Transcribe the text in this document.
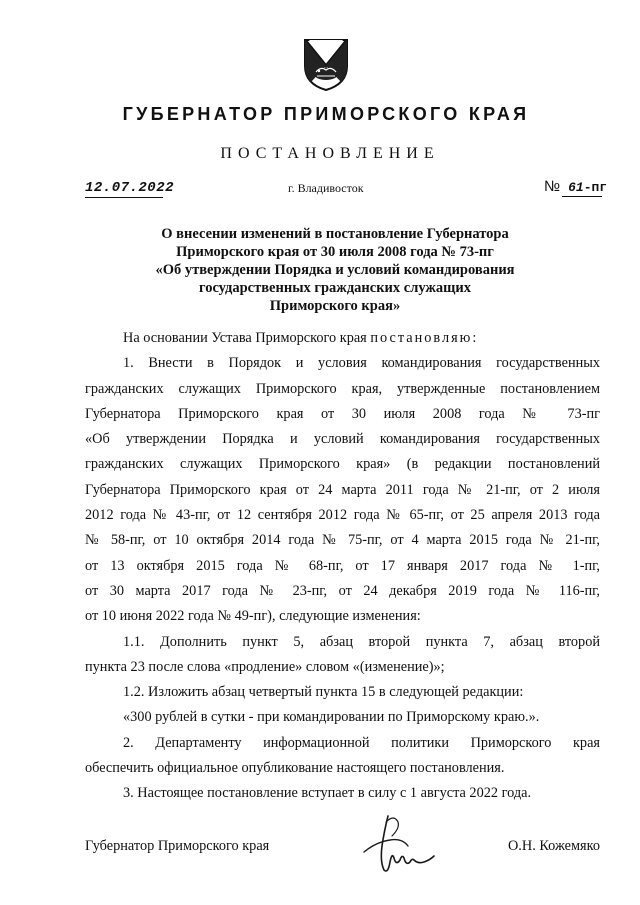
ГУБЕРНАТОР ПРИМОРСКОГО КРАЯ
ПОСТАНОВЛЕНИЕ
12.07.2022	г. Владивосток	№ 61-пг
О внесении изменений в постановление Губернатора
Приморского края от 30 июля 2008 года № 73-пг
«Об утверждении Порядка и условий командирования
государственных гражданских служащих
Приморского края»
На основании Устава Приморского края постановляю:
1. Внести в Порядок и условия командирования государственных
гражданских служащих Приморского края, утвержденные постановлением
Губернатора Приморского края от 30 июля 2008 года № 73-пг
«Об утверждении Порядка и условий командирования государственных
гражданских служащих Приморского края» (в редакции постановлений
Губернатора Приморского края от 24 марта 2011 года № 21-пг, от 2 июля
2012 года № 43-пг, от 12 сентября 2012 года № 65-пг, от 25 апреля 2013 года
№ 58-пг, от 10 октября 2014 года № 75-пг, от 4 марта 2015 года № 21-пг,
от 13 октября 2015 года № 68-пг, от 17 января 2017 года № 1-пг,
от 30 марта 2017 года № 23-пг, от 24 декабря 2019 года № 116-пг,
от 10 июня 2022 года № 49-пг), следующие изменения:
1.1. Дополнить пункт 5, абзац второй пункта 7, абзац второй
пункта 23 после слова «продление» словом «(изменение)»;
1.2. Изложить абзац четвертый пункта 15 в следующей редакции:
«300 рублей в сутки - при командировании по Приморскому краю.».
2. Департаменту информационной политики Приморского края
обеспечить официальное опубликование настоящего постановления.
3. Настоящее постановление вступает в силу с 1 августа 2022 года.
Губернатор Приморского края	О.Н. Кожемяко
